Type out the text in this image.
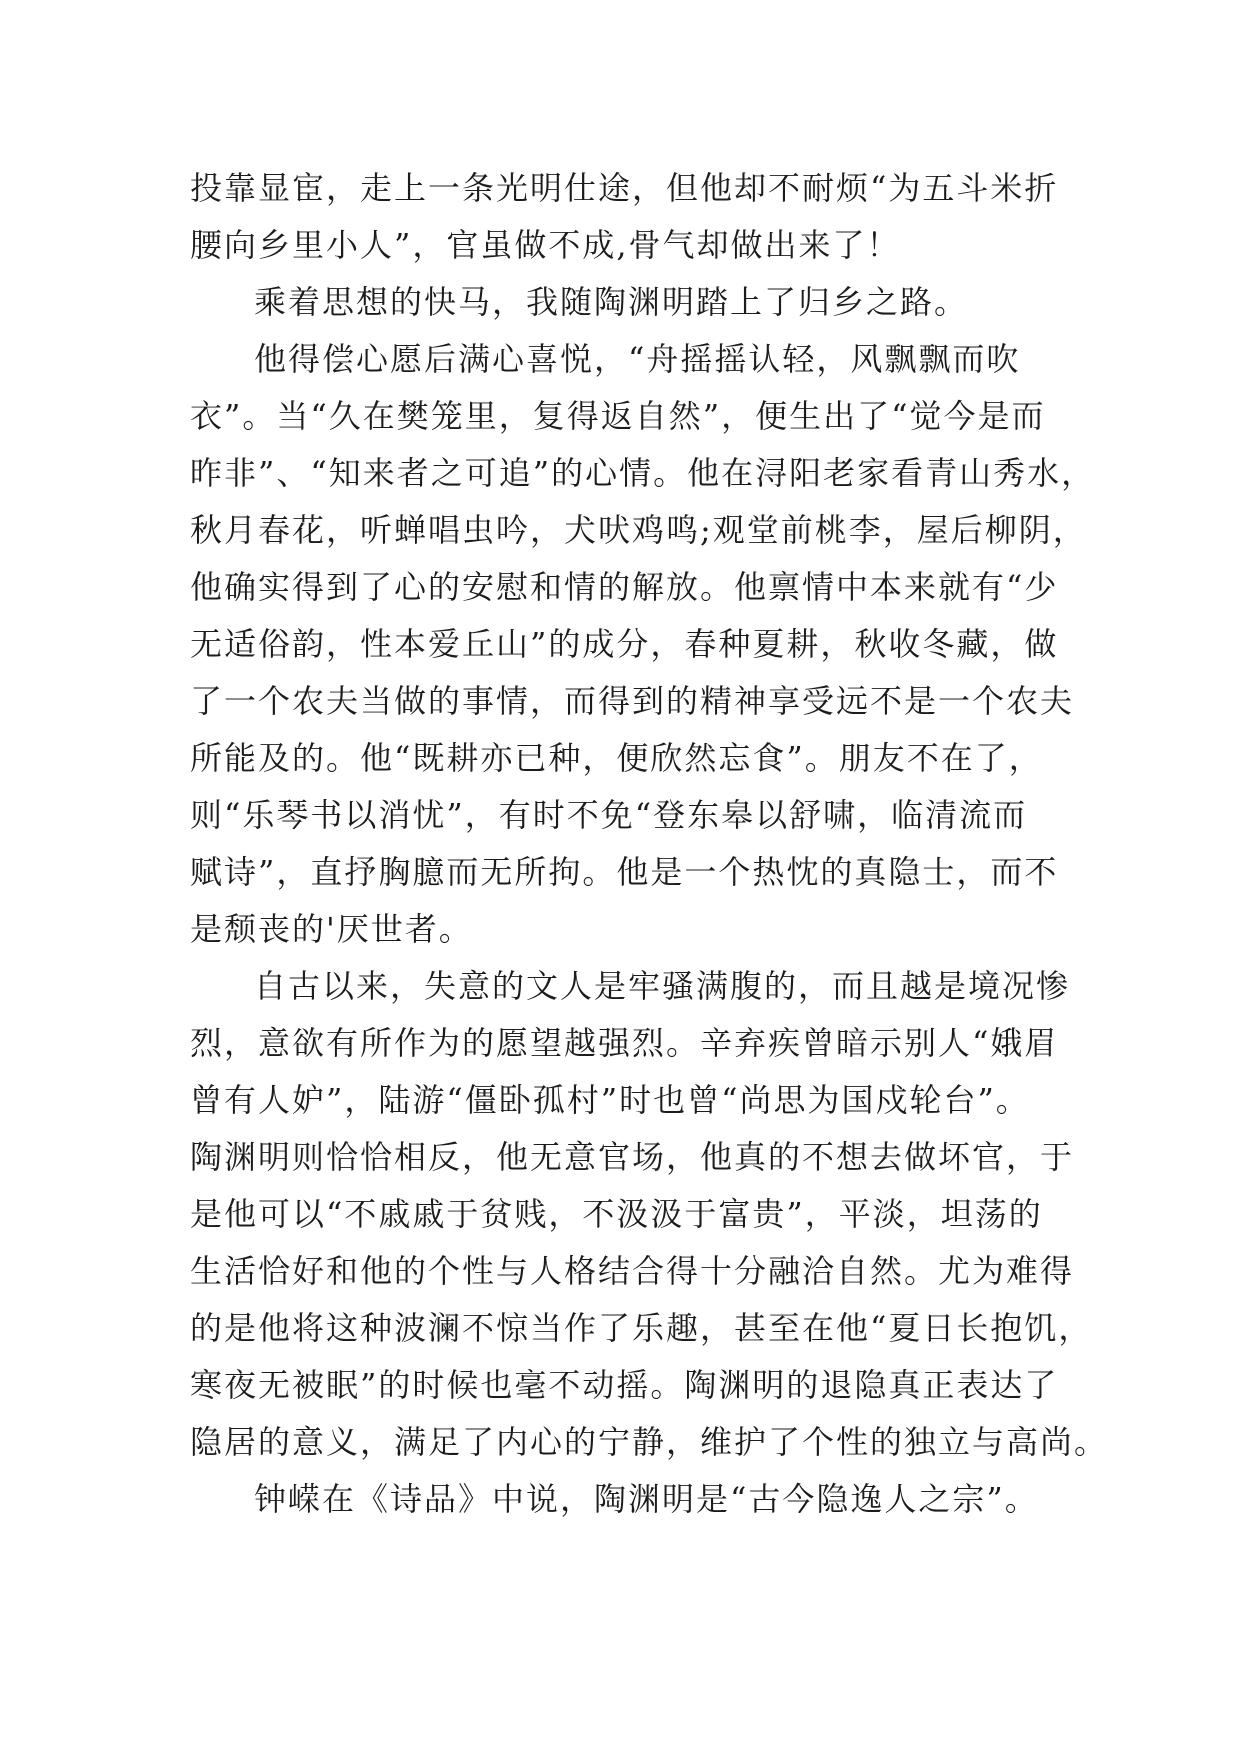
投靠显宦，走上一条光明仕途，但他却不耐烦“为五斗米折
腰向乡里小人”，官虽做不成,骨气却做出来了！
乘着思想的快马，我随陶渊明踏上了归乡之路。
他得偿心愿后满心喜悦，“舟摇摇认轻，风飘飘而吹
衣”。当“久在樊笼里，复得返自然”，便生出了“觉今是而
昨非”、“知来者之可追”的心情。他在浔阳老家看青山秀水，
秋月春花，听蝉唱虫吟，犬吠鸡鸣;观堂前桃李，屋后柳阴，
他确实得到了心的安慰和情的解放。他禀情中本来就有“少
无适俗韵，性本爱丘山”的成分，春种夏耕，秋收冬藏，做
了一个农夫当做的事情，而得到的精神享受远不是一个农夫
所能及的。他“既耕亦已种，便欣然忘食”。朋友不在了，
则“乐琴书以消忧”，有时不免“登东皋以舒啸，临清流而
赋诗”，直抒胸臆而无所拘。他是一个热忱的真隐士，而不
是颓丧的'厌世者。
自古以来，失意的文人是牢骚满腹的，而且越是境况惨
烈，意欲有所作为的愿望越强烈。辛弃疾曾暗示别人“娥眉
曾有人妒”，陆游“僵卧孤村”时也曾“尚思为国戍轮台”。
陶渊明则恰恰相反，他无意官场，他真的不想去做坏官，于
是他可以“不戚戚于贫贱，不汲汲于富贵”，平淡，坦荡的
生活恰好和他的个性与人格结合得十分融洽自然。尤为难得
的是他将这种波澜不惊当作了乐趣，甚至在他“夏日长抱饥，
寒夜无被眠”的时候也毫不动摇。陶渊明的退隐真正表达了
隐居的意义，满足了内心的宁静，维护了个性的独立与高尚。
钟嵘在《诗品》中说，陶渊明是“古今隐逸人之宗”。
